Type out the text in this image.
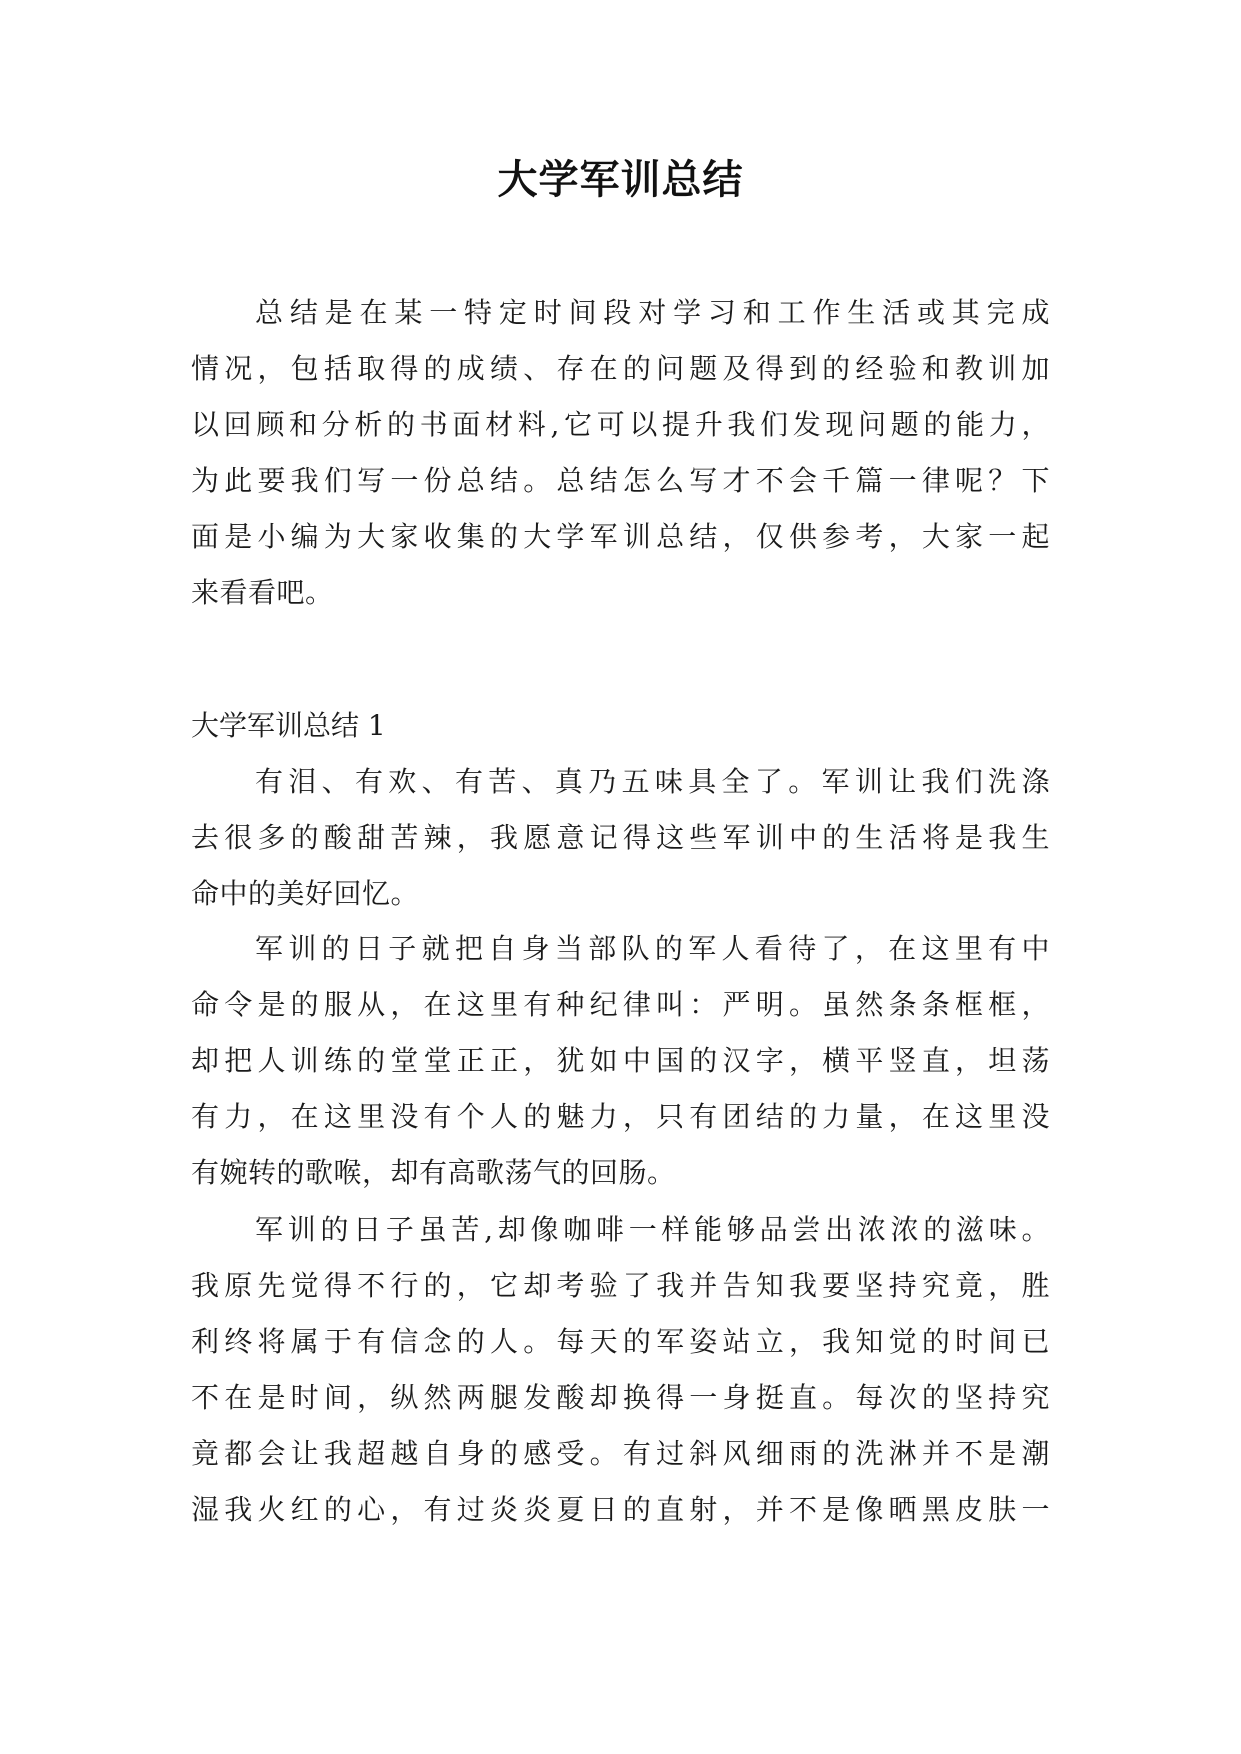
大学军训总结
总结是在某一特定时间段对学习和工作生活或其完成
情况，包括取得的成绩、存在的问题及得到的经验和教训加
以回顾和分析的书面材料,它可以提升我们发现问题的能力，
为此要我们写一份总结。总结怎么写才不会千篇一律呢？下
面是小编为大家收集的大学军训总结，仅供参考，大家一起
来看看吧。
大学军训总结 1
有泪、有欢、有苦、真乃五味具全了。军训让我们洗涤
去很多的酸甜苦辣，我愿意记得这些军训中的生活将是我生
命中的美好回忆。
军训的日子就把自身当部队的军人看待了，在这里有中
命令是的服从，在这里有种纪律叫：严明。虽然条条框框，
却把人训练的堂堂正正，犹如中国的汉字，横平竖直，坦荡
有力，在这里没有个人的魅力，只有团结的力量，在这里没
有婉转的歌喉，却有高歌荡气的回肠。
军训的日子虽苦,却像咖啡一样能够品尝出浓浓的滋味。
我原先觉得不行的，它却考验了我并告知我要坚持究竟，胜
利终将属于有信念的人。每天的军姿站立，我知觉的时间已
不在是时间，纵然两腿发酸却换得一身挺直。每次的坚持究
竟都会让我超越自身的感受。有过斜风细雨的洗淋并不是潮
湿我火红的心，有过炎炎夏日的直射，并不是像晒黑皮肤一
